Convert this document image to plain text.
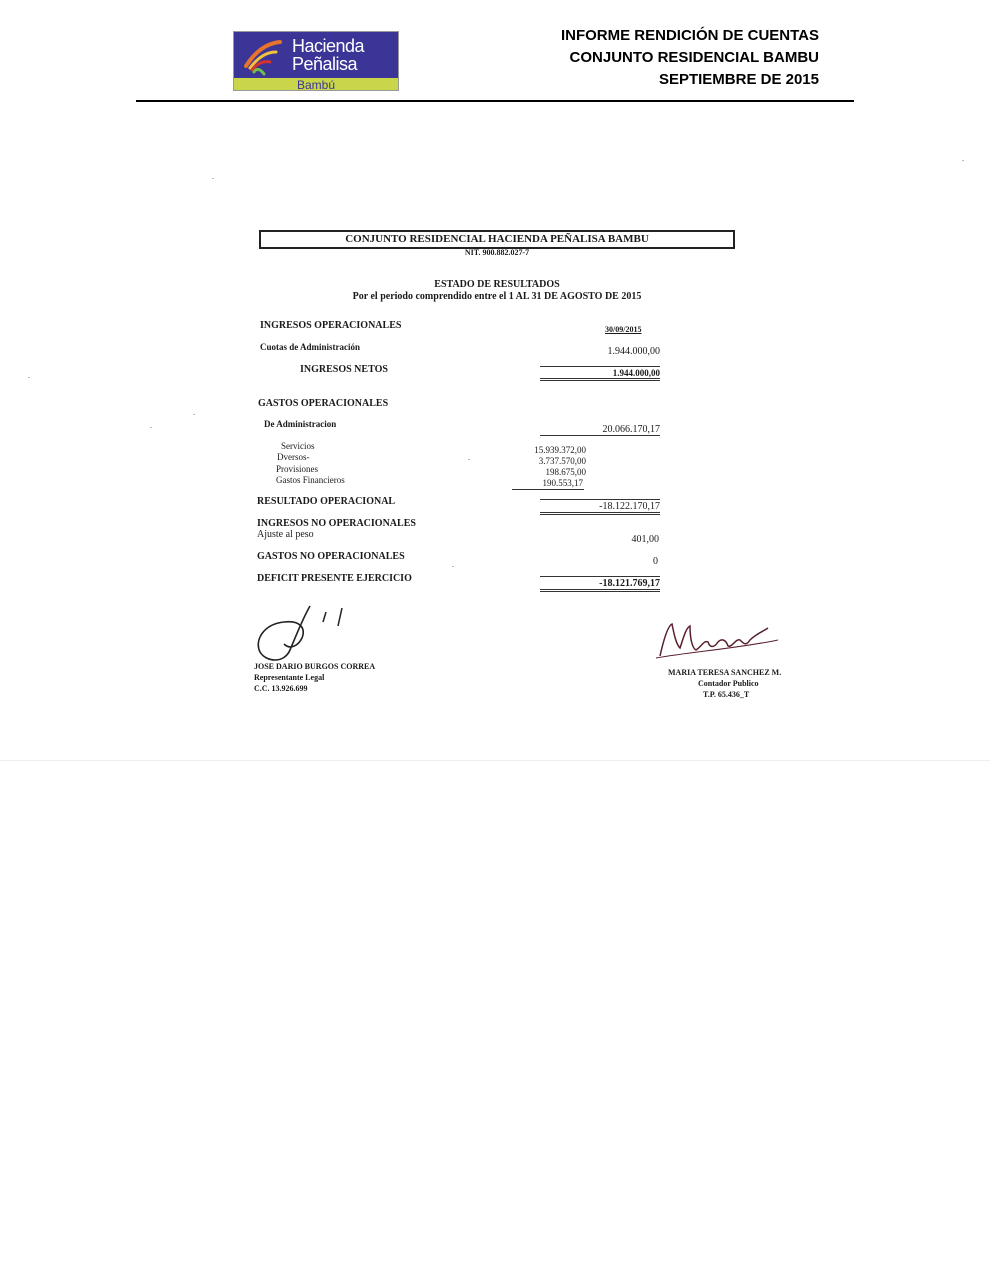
Hacienda
Peñalisa
Bambú
INFORME RENDICIÓN DE CUENTAS
CONJUNTO RESIDENCIAL BAMBU
SEPTIEMBRE DE 2015
CONJUNTO RESIDENCIAL HACIENDA PEÑALISA BAMBU
NIT. 900.882.027-7
ESTADO DE RESULTADOS
Por el periodo comprendido entre el 1 AL 31 DE AGOSTO DE 2015
INGRESOS OPERACIONALES	30/09/2015
Cuotas de Administración	1.944.000,00
INGRESOS NETOS	1.944.000,00
GASTOS OPERACIONALES
De Administracion	20.066.170,17
Servicios	15.939.372,00
Dversos-	3.737.570,00
Provisiones	198.675,00
Gastos Financieros	190.553,17
RESULTADO OPERACIONAL	-18.122.170,17
INGRESOS NO OPERACIONALES
Ajuste al peso	401,00
GASTOS NO OPERACIONALES	0
DEFICIT PRESENTE EJERCICIO	-18.121.769,17
JOSE DARIO BURGOS CORREA
Representante Legal
C.C. 13.926.699
MARIA TERESA SANCHEZ M.
Contador Publico
T.P. 65.436_T
